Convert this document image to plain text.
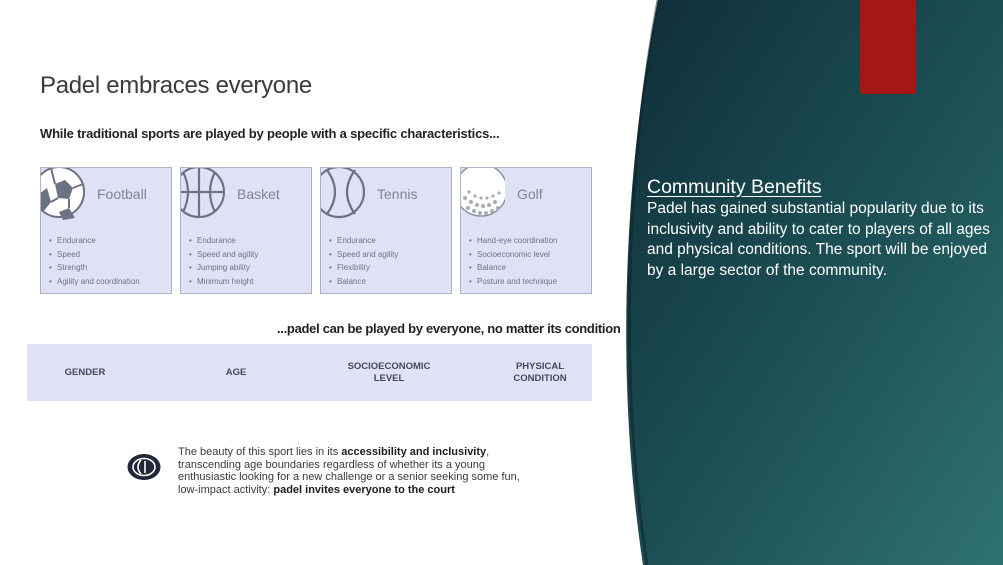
Padel embraces everyone
While traditional sports are played by people with a specific characteristics...
Football
• Endurance
• Speed
• Strength
• Agility and coordination
Basket
• Endurance
• Speed and agility
• Jumping ability
• Minimum height
Tennis
• Endurance
• Speed and agility
• Flexibility
• Balance
Golf
• Hand-eye coordination
• Socioeconomic level
• Balance
• Posture and technique
...padel can be played by everyone, no matter its condition
GENDER	AGE
SOCIOECONOMIC
LEVEL
PHYSICAL
CONDITION
The beauty of this sport lies in its accessibility and inclusivity, transcending age boundaries regardless of whether its a young enthusiastic looking for a new challenge or a senior seeking some fun, low-impact activity: padel invites everyone to the court
Community Benefits
Padel has gained substantial popularity due to its inclusivity and ability to cater to players of all ages and physical conditions. The sport will be enjoyed by a large sector of the community.
